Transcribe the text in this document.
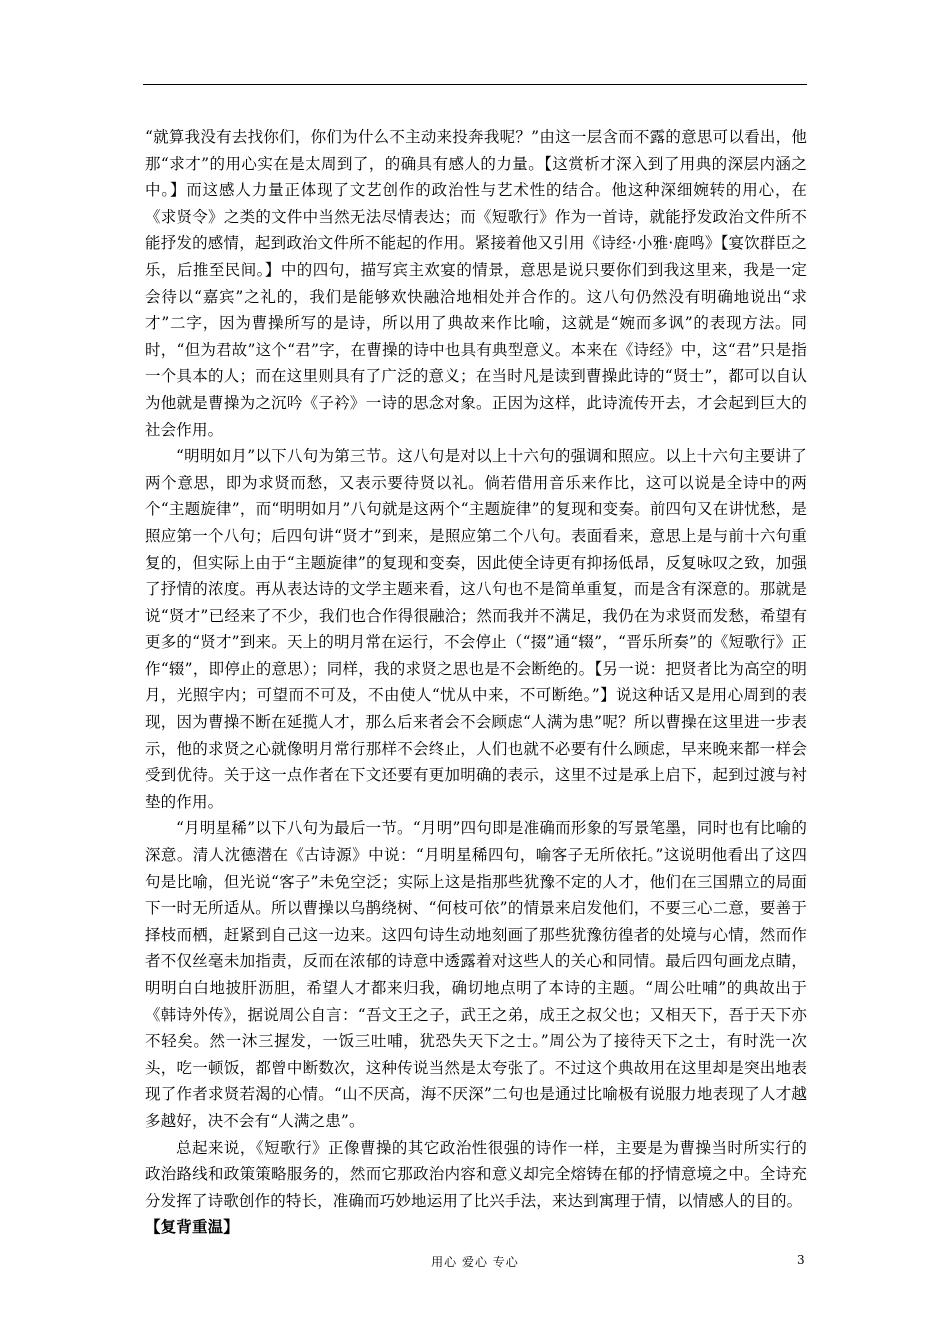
“就算我没有去找你们，你们为什么不主动来投奔我呢？”由这一层含而不露的意思可以看出，他那“求才”的用心实在是太周到了，的确具有感人的力量。【这赏析才深入到了用典的深层内涵之中。】而这感人力量正体现了文艺创作的政治性与艺术性的结合。他这种深细婉转的用心，在《求贤令》之类的文件中当然无法尽情表达；而《短歌行》作为一首诗，就能抒发政治文件所不能抒发的感情，起到政治文件所不能起的作用。紧接着他又引用《诗经·小雅·鹿鸣》【宴饮群臣之乐，后推至民间。】中的四句，描写宾主欢宴的情景，意思是说只要你们到我这里来，我是一定会待以“嘉宾”之礼的，我们是能够欢快融洽地相处并合作的。这八句仍然没有明确地说出“求才”二字，因为曹操所写的是诗，所以用了典故来作比喻，这就是“婉而多讽”的表现方法。同时，“但为君故”这个“君”字，在曹操的诗中也具有典型意义。本来在《诗经》中，这“君”只是指一个具本的人；而在这里则具有了广泛的意义；在当时凡是读到曹操此诗的“贤士”，都可以自认为他就是曹操为之沉吟《子衿》一诗的思念对象。正因为这样，此诗流传开去，才会起到巨大的社会作用。

“明明如月”以下八句为第三节。这八句是对以上十六句的强调和照应。以上十六句主要讲了两个意思，即为求贤而愁，又表示要待贤以礼。倘若借用音乐来作比，这可以说是全诗中的两个“主题旋律”，而“明明如月”八句就是这两个“主题旋律”的复现和变奏。前四句又在讲忧愁，是照应第一个八句；后四句讲“贤才”到来，是照应第二个八句。表面看来，意思上是与前十六句重复的，但实际上由于“主题旋律”的复现和变奏，因此使全诗更有抑扬低昂，反复咏叹之致，加强了抒情的浓度。再从表达诗的文学主题来看，这八句也不是简单重复，而是含有深意的。那就是说“贤才”已经来了不少，我们也合作得很融洽；然而我并不满足，我仍在为求贤而发愁，希望有更多的“贤才”到来。天上的明月常在运行，不会停止（“掇”通“辍”，“晋乐所奏”的《短歌行》正作“辍”，即停止的意思）；同样，我的求贤之思也是不会断绝的。【另一说：把贤者比为高空的明月，光照宇内；可望而不可及，不由使人“忧从中来，不可断绝。”】说这种话又是用心周到的表现，因为曹操不断在延揽人才，那么后来者会不会顾虑“人满为患”呢？所以曹操在这里进一步表示，他的求贤之心就像明月常行那样不会终止，人们也就不必要有什么顾虑，早来晚来都一样会受到优待。关于这一点作者在下文还要有更加明确的表示，这里不过是承上启下，起到过渡与衬垫的作用。

“月明星稀”以下八句为最后一节。“月明”四句即是准确而形象的写景笔墨，同时也有比喻的深意。清人沈德潜在《古诗源》中说：“月明星稀四句，喻客子无所依托。”这说明他看出了这四句是比喻，但光说“客子”未免空泛；实际上这是指那些犹豫不定的人才，他们在三国鼎立的局面下一时无所适从。所以曹操以乌鹊绕树、“何枝可依”的情景来启发他们，不要三心二意，要善于择枝而栖，赶紧到自己这一边来。这四句诗生动地刻画了那些犹豫彷徨者的处境与心情，然而作者不仅丝毫未加指责，反而在浓郁的诗意中透露着对这些人的关心和同情。最后四句画龙点睛，明明白白地披肝沥胆，希望人才都来归我，确切地点明了本诗的主题。“周公吐哺”的典故出于《韩诗外传》，据说周公自言：“吾文王之子，武王之弟，成王之叔父也；又相天下，吾于天下亦不轻矣。然一沐三握发，一饭三吐哺，犹恐失天下之士。”周公为了接待天下之士，有时洗一次头，吃一顿饭，都曾中断数次，这种传说当然是太夸张了。不过这个典故用在这里却是突出地表现了作者求贤若渴的心情。“山不厌高，海不厌深”二句也是通过比喻极有说服力地表现了人才越多越好，决不会有“人满之患”。

总起来说，《短歌行》正像曹操的其它政治性很强的诗作一样，主要是为曹操当时所实行的政治路线和政策策略服务的，然而它那政治内容和意义却完全熔铸在郁的抒情意境之中。全诗充分发挥了诗歌创作的特长，准确而巧妙地运用了比兴手法，来达到寓理于情，以情感人的目的。

【复背重温】

用心 爱心 专心	3
